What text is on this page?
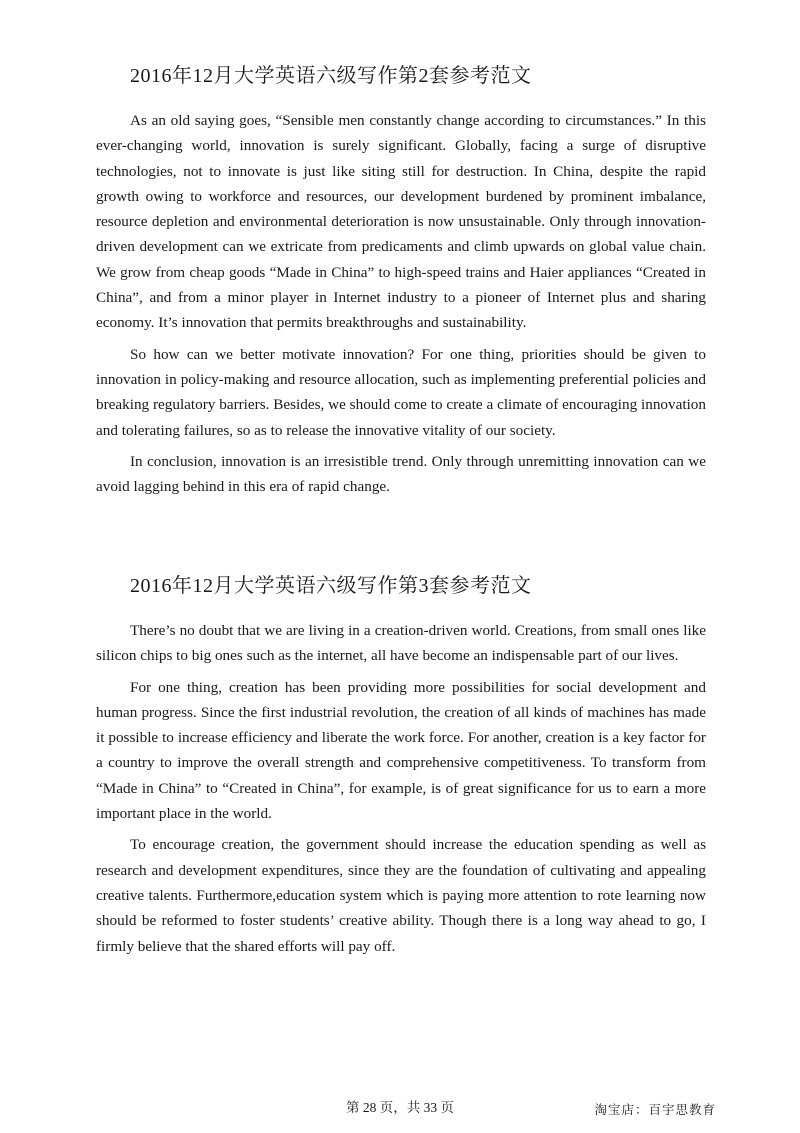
2016年12月大学英语六级写作第2套参考范文

As an old saying goes, “Sensible men constantly change according to circumstances.” In this ever-changing world, innovation is surely significant. Globally, facing a surge of disruptive technologies, not to innovate is just like siting still for destruction. In China, despite the rapid growth owing to workforce and resources, our development burdened by prominent imbalance, resource depletion and environmental deterioration is now unsustainable. Only through innovation-driven development can we extricate from predicaments and climb upwards on global value chain. We grow from cheap goods “Made in China” to high-speed trains and Haier appliances “Created in China”, and from a minor player in Internet industry to a pioneer of Internet plus and sharing economy. It’s innovation that permits breakthroughs and sustainability.

So how can we better motivate innovation? For one thing, priorities should be given to innovation in policy-making and resource allocation, such as implementing preferential policies and breaking regulatory barriers. Besides, we should come to create a climate of encouraging innovation and tolerating failures, so as to release the innovative vitality of our society.

In conclusion, innovation is an irresistible trend. Only through unremitting innovation can we avoid lagging behind in this era of rapid change.

2016年12月大学英语六级写作第3套参考范文

There’s no doubt that we are living in a creation-driven world. Creations, from small ones like silicon chips to big ones such as the internet, all have become an indispensable part of our lives.

For one thing, creation has been providing more possibilities for social development and human progress. Since the first industrial revolution, the creation of all kinds of machines has made it possible to increase efficiency and liberate the work force. For another, creation is a key factor for a country to improve the overall strength and comprehensive competitiveness. To transform from “Made in China” to “Created in China”, for example, is of great significance for us to earn a more important place in the world.

To encourage creation, the government should increase the education spending as well as research and development expenditures, since they are the foundation of cultivating and appealing creative talents. Furthermore,education system which is paying more attention to rote learning now should be reformed to foster students’ creative ability. Though there is a long way ahead to go, I firmly believe that the shared efforts will pay off.

第 28 页，共 33 页	淘宝店：百宇思教育
